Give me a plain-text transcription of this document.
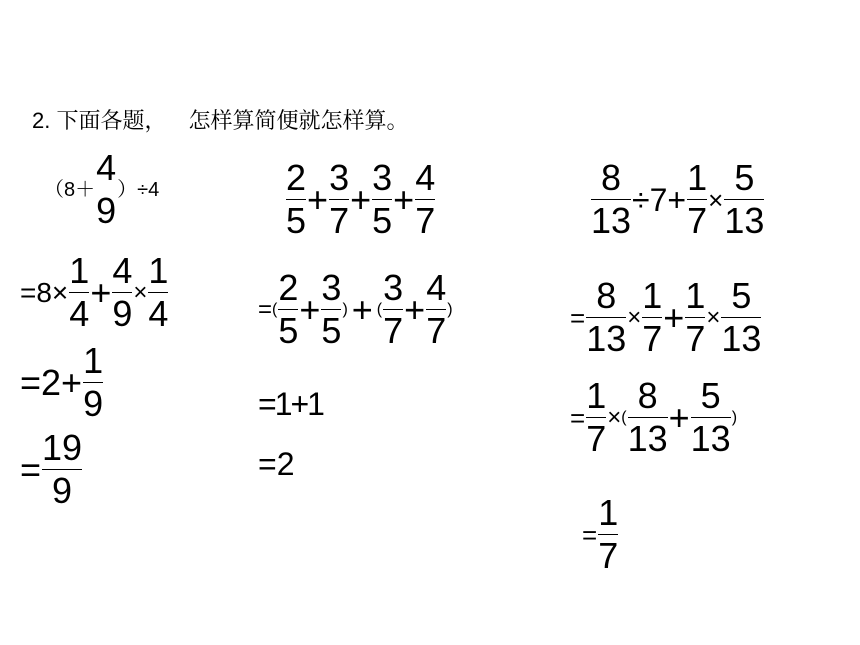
2. 下面各题， 怎样算简便就怎样算。
$(8+ \frac{4}{9} )\div 4$
$=8\times \frac{1}{4} + \frac{4}{9} \times \frac{1}{4}$
$=2+ \frac{1}{9}$
= $\frac{19}{9}$
$\frac{2}{5} + \frac{3}{7} + \frac{3}{5} + \frac{4}{7}$
= ( $\frac{2}{5} + \frac{3}{5}$ ) + ( $\frac{3}{7} + \frac{4}{7}$ )
=1+1
=2
$\frac{8}{13} \div 7+ \frac{1}{7} \times \frac{5}{13}$
= $\frac{8}{13} \times \frac{1}{7} + \frac{1}{7} \times \frac{5}{13}$
= $\frac{1}{7}$ × ( $\frac{8}{13} + \frac{5}{13}$ )
= $\frac{1}{7}$
